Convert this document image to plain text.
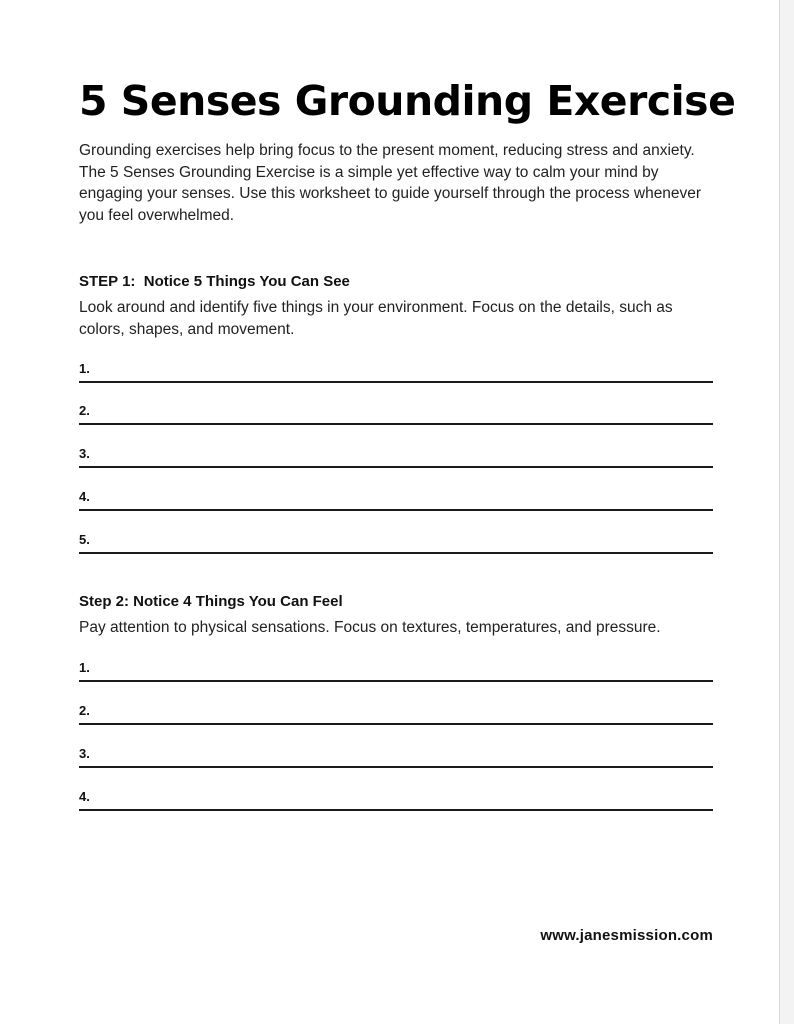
5 Senses Grounding Exercise

Grounding exercises help bring focus to the present moment, reducing stress and anxiety. The 5 Senses Grounding Exercise is a simple yet effective way to calm your mind by engaging your senses. Use this worksheet to guide yourself through the process whenever you feel overwhelmed.

STEP 1:  Notice 5 Things You Can See

Look around and identify five things in your environment. Focus on the details, such as colors, shapes, and movement.

1.
2.
3.
4.
5.

Step 2: Notice 4 Things You Can Feel

Pay attention to physical sensations. Focus on textures, temperatures, and pressure.

1.
2.
3.
4.
www.janesmission.com
